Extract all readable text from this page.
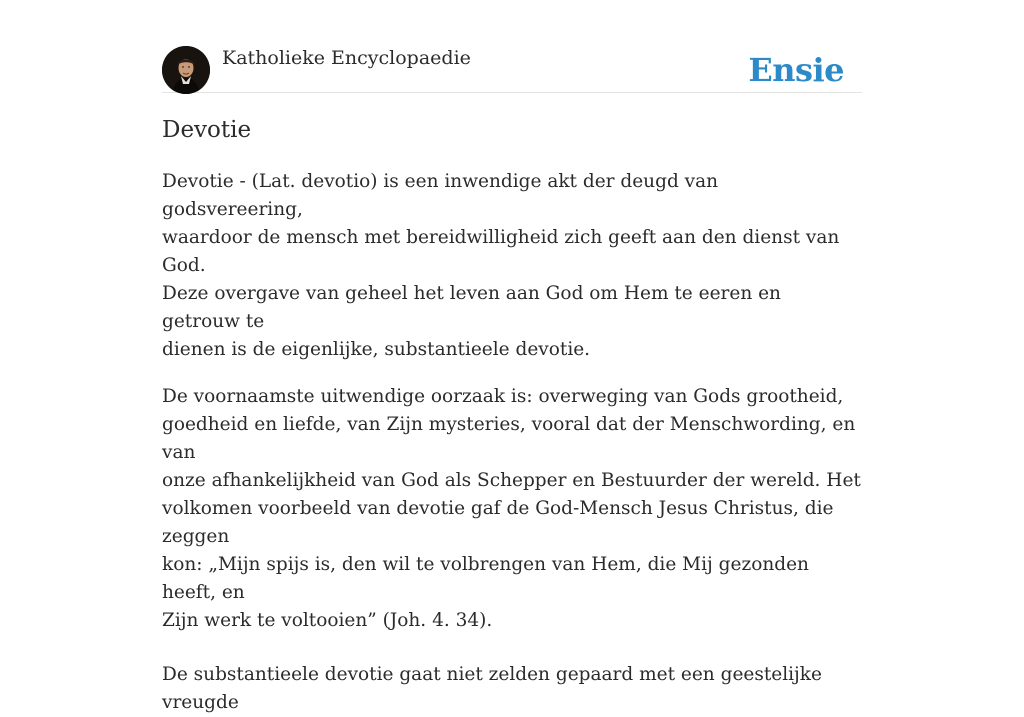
Katholieke Encyclopaedie	Ensie
Devotie

Devotie - (Lat. devotio) is een inwendige akt der deugd van godsvereering,
waardoor de mensch met bereidwilligheid zich geeft aan den dienst van God.
Deze overgave van geheel het leven aan God om Hem te eeren en getrouw te
dienen is de eigenlijke, substantieele devotie.

De voornaamste uitwendige oorzaak is: overweging van Gods grootheid,
goedheid en liefde, van Zijn mysteries, vooral dat der Menschwording, en van
onze afhankelijkheid van God als Schepper en Bestuurder der wereld. Het
volkomen voorbeeld van devotie gaf de God-Mensch Jesus Christus, die zeggen
kon: „Mijn spijs is, den wil te volbrengen van Hem, die Mij gezonden heeft, en
Zijn werk te voltooien” (Joh. 4. 34).

De substantieele devotie gaat niet zelden gepaard met een geestelijke vreugde
